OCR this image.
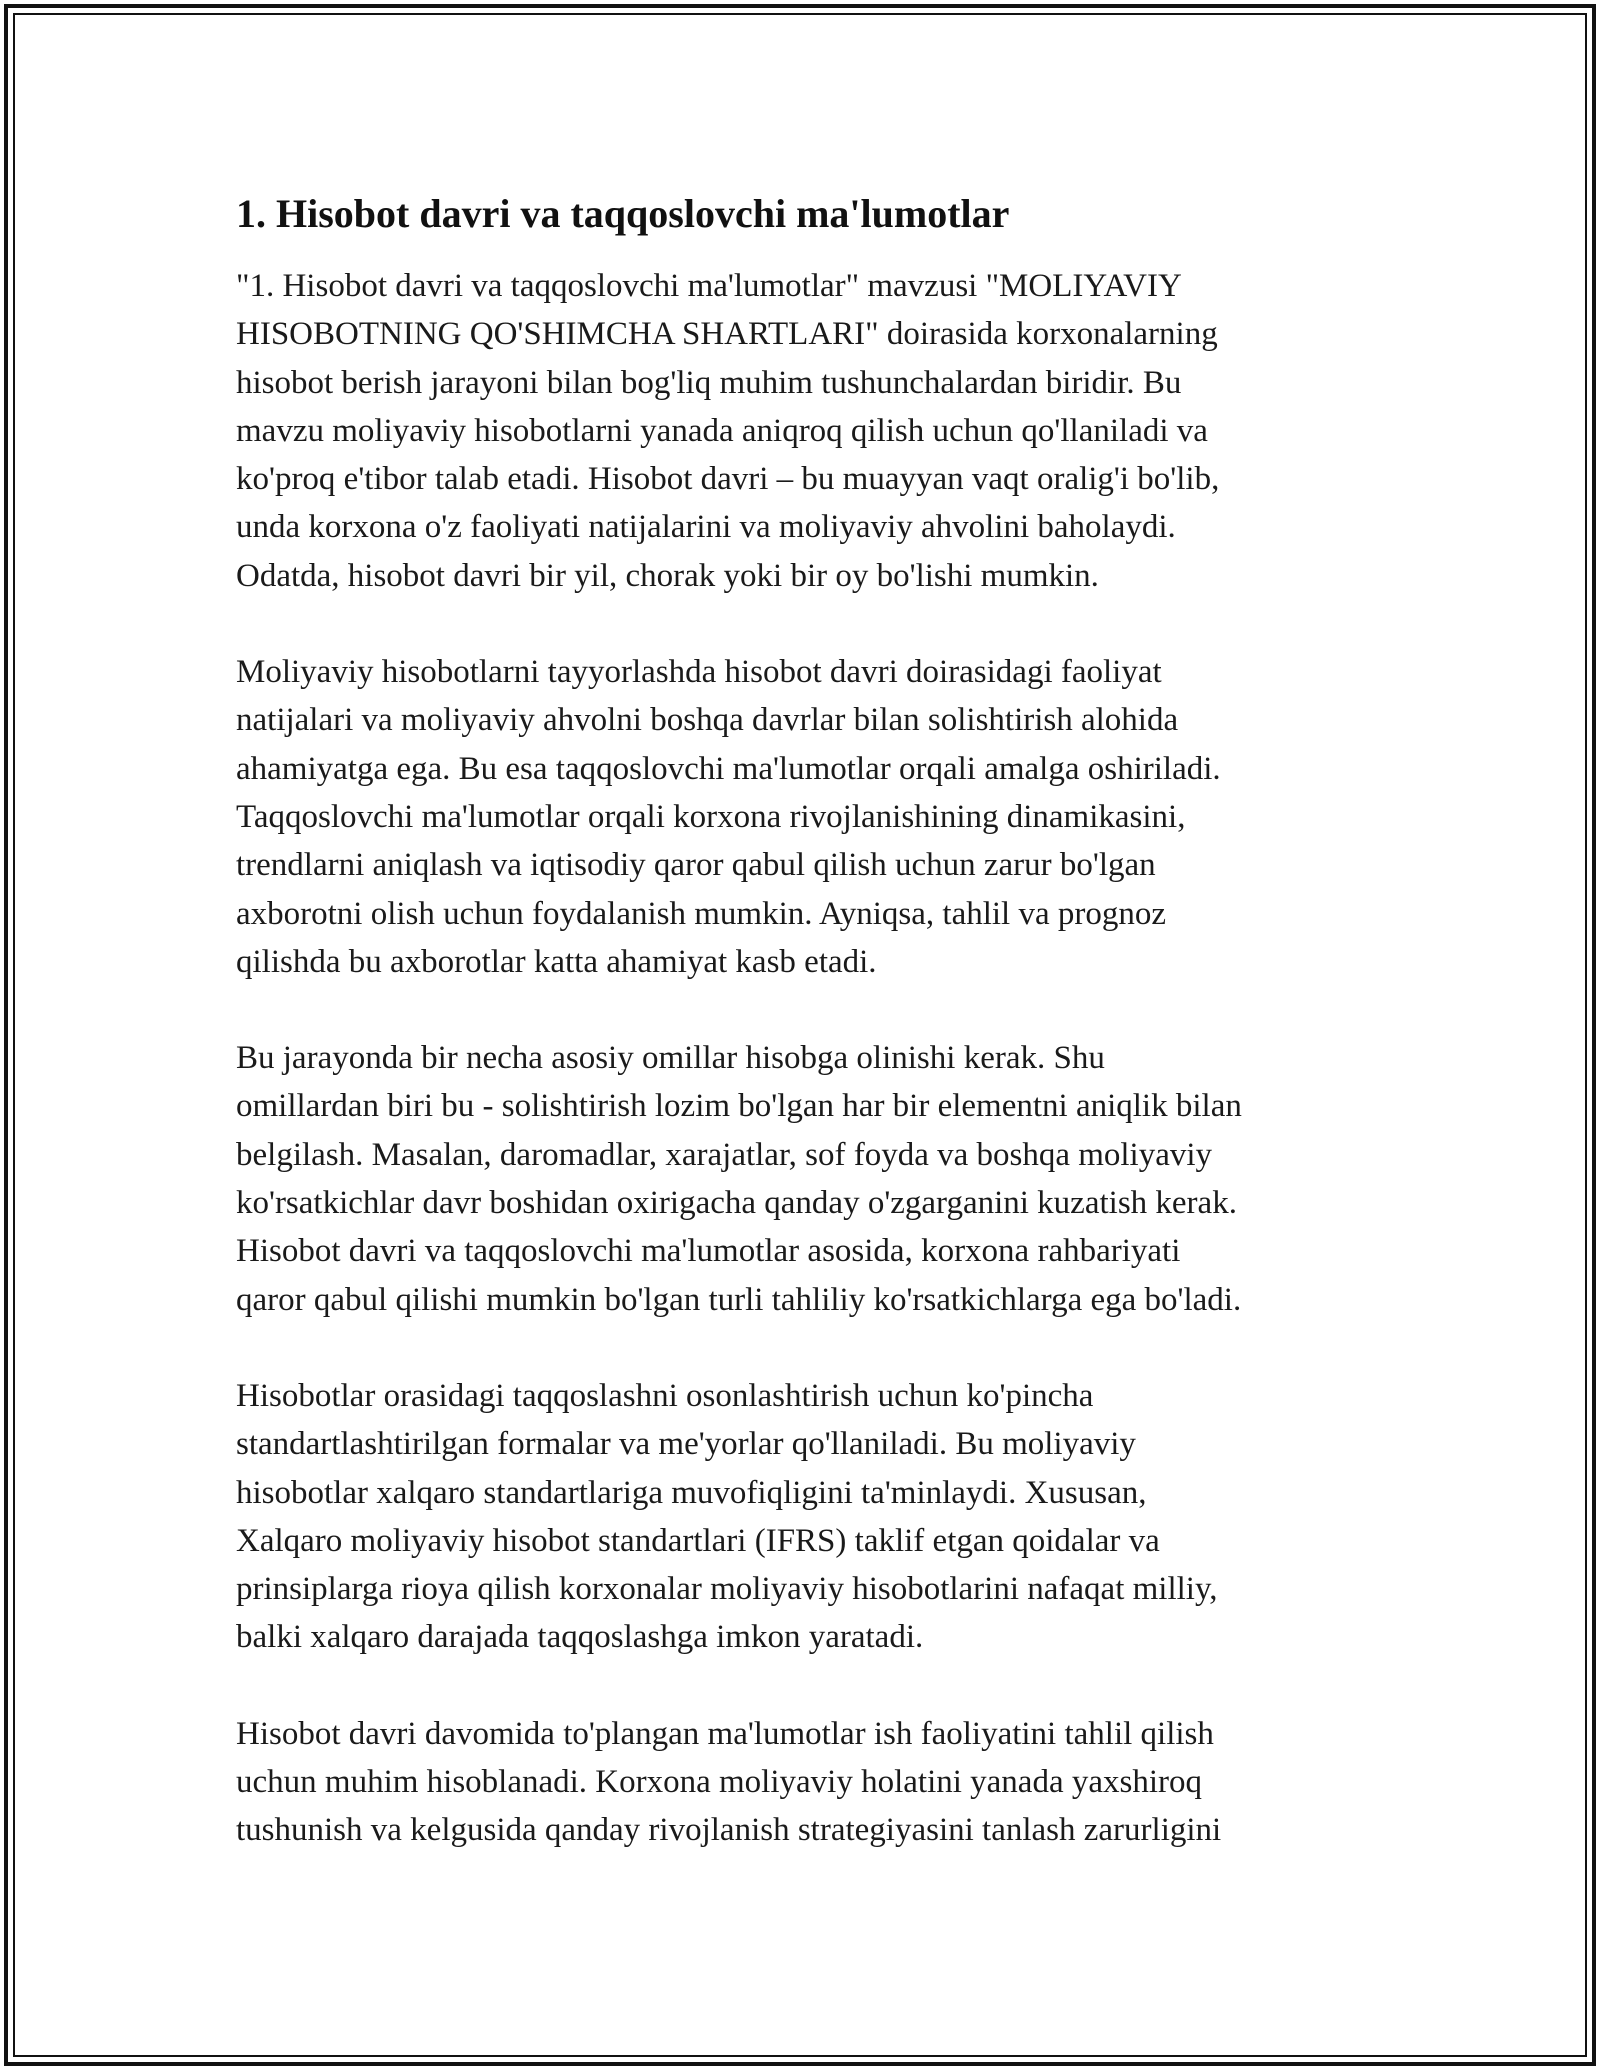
1. Hisobot davri va taqqoslovchi ma'lumotlar

"1. Hisobot davri va taqqoslovchi ma'lumotlar" mavzusi "MOLIYAVIY
HISOBOTNING QO'SHIMCHA SHARTLARI" doirasida korxonalarning
hisobot berish jarayoni bilan bog'liq muhim tushunchalardan biridir. Bu
mavzu moliyaviy hisobotlarni yanada aniqroq qilish uchun qo'llaniladi va
ko'proq e'tibor talab etadi. Hisobot davri – bu muayyan vaqt oralig'i bo'lib,
unda korxona o'z faoliyati natijalarini va moliyaviy ahvolini baholaydi.
Odatda, hisobot davri bir yil, chorak yoki bir oy bo'lishi mumkin.

Moliyaviy hisobotlarni tayyorlashda hisobot davri doirasidagi faoliyat
natijalari va moliyaviy ahvolni boshqa davrlar bilan solishtirish alohida
ahamiyatga ega. Bu esa taqqoslovchi ma'lumotlar orqali amalga oshiriladi.
Taqqoslovchi ma'lumotlar orqali korxona rivojlanishining dinamikasini,
trendlarni aniqlash va iqtisodiy qaror qabul qilish uchun zarur bo'lgan
axborotni olish uchun foydalanish mumkin. Ayniqsa, tahlil va prognoz
qilishda bu axborotlar katta ahamiyat kasb etadi.

Bu jarayonda bir necha asosiy omillar hisobga olinishi kerak. Shu
omillardan biri bu - solishtirish lozim bo'lgan har bir elementni aniqlik bilan
belgilash. Masalan, daromadlar, xarajatlar, sof foyda va boshqa moliyaviy
ko'rsatkichlar davr boshidan oxirigacha qanday o'zgarganini kuzatish kerak.
Hisobot davri va taqqoslovchi ma'lumotlar asosida, korxona rahbariyati
qaror qabul qilishi mumkin bo'lgan turli tahliliy ko'rsatkichlarga ega bo'ladi.

Hisobotlar orasidagi taqqoslashni osonlashtirish uchun ko'pincha
standartlashtirilgan formalar va me'yorlar qo'llaniladi. Bu moliyaviy
hisobotlar xalqaro standartlariga muvofiqligini ta'minlaydi. Xususan,
Xalqaro moliyaviy hisobot standartlari (IFRS) taklif etgan qoidalar va
prinsiplarga rioya qilish korxonalar moliyaviy hisobotlarini nafaqat milliy,
balki xalqaro darajada taqqoslashga imkon yaratadi.

Hisobot davri davomida to'plangan ma'lumotlar ish faoliyatini tahlil qilish
uchun muhim hisoblanadi. Korxona moliyaviy holatini yanada yaxshiroq
tushunish va kelgusida qanday rivojlanish strategiyasini tanlash zarurligini
